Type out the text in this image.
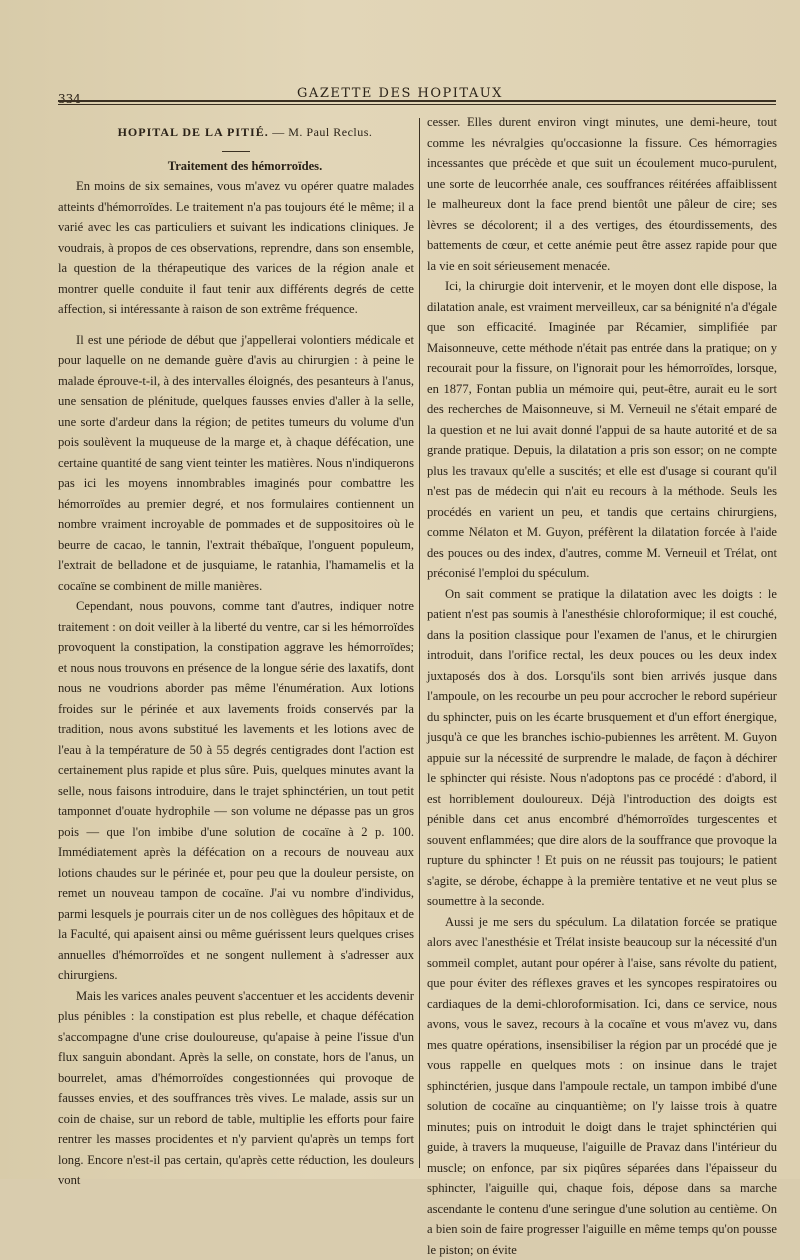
334	GAZETTE DES HOPITAUX

HOPITAL DE LA PITIÉ. — M. Paul Reclus.

Traitement des hémorroïdes.

En moins de six semaines, vous m'avez vu opérer quatre malades atteints d'hémorroïdes. Le traitement n'a pas toujours été le même; il a varié avec les cas particuliers et suivant les indications cliniques. Je voudrais, à propos de ces observations, reprendre, dans son ensemble, la question de la thérapeutique des varices de la région anale et montrer quelle conduite il faut tenir aux différents degrés de cette affection, si intéressante à raison de son extrême fréquence.

Il est une période de début que j'appellerai volontiers médicale et pour laquelle on ne demande guère d'avis au chirurgien : à peine le malade éprouve-t-il, à des intervalles éloignés, des pesanteurs à l'anus, une sensation de plénitude, quelques fausses envies d'aller à la selle, une sorte d'ardeur dans la région; de petites tumeurs du volume d'un pois soulèvent la muqueuse de la marge et, à chaque défécation, une certaine quantité de sang vient teinter les matières. Nous n'indiquerons pas ici les moyens innombrables imaginés pour combattre les hémorroïdes au premier degré, et nos formulaires contiennent un nombre vraiment incroyable de pommades et de suppositoires où le beurre de cacao, le tannin, l'extrait thébaïque, l'onguent populeum, l'extrait de belladone et de jusquiame, le ratanhia, l'hamamelis et la cocaïne se combinent de mille manières.

Cependant, nous pouvons, comme tant d'autres, indiquer notre traitement : on doit veiller à la liberté du ventre, car si les hémorroïdes provoquent la constipation, la constipation aggrave les hémorroïdes; et nous nous trouvons en présence de la longue série des laxatifs, dont nous ne voudrions aborder pas même l'énumération. Aux lotions froides sur le périnée et aux lavements froids conservés par la tradition, nous avons substitué les lavements et les lotions avec de l'eau à la température de 50 à 55 degrés centigrades dont l'action est certainement plus rapide et plus sûre. Puis, quelques minutes avant la selle, nous faisons introduire, dans le trajet sphinctérien, un tout petit tamponnet d'ouate hydrophile — son volume ne dépasse pas un gros pois — que l'on imbibe d'une solution de cocaïne à 2 p. 100. Immédiatement après la défécation on a recours de nouveau aux lotions chaudes sur le périnée et, pour peu que la douleur persiste, on remet un nouveau tampon de cocaïne. J'ai vu nombre d'individus, parmi lesquels je pourrais citer un de nos collègues des hôpitaux et de la Faculté, qui apaisent ainsi ou même guérissent leurs quelques crises annuelles d'hémorroïdes et ne songent nullement à s'adresser aux chirurgiens.

Mais les varices anales peuvent s'accentuer et les accidents devenir plus pénibles : la constipation est plus rebelle, et chaque défécation s'accompagne d'une crise douloureuse, qu'apaise à peine l'issue d'un flux sanguin abondant. Après la selle, on constate, hors de l'anus, un bourrelet, amas d'hémorroïdes congestionnées qui provoque de fausses envies, et des souffrances très vives. Le malade, assis sur un coin de chaise, sur un rebord de table, multiplie les efforts pour faire rentrer les masses procidentes et n'y parvient qu'après un temps fort long. Encore n'est-il pas certain, qu'après cette réduction, les douleurs vont

cesser. Elles durent environ vingt minutes, une demi-heure, tout comme les névralgies qu'occasionne la fissure. Ces hémorragies incessantes que précède et que suit un écoulement muco-purulent, une sorte de leucorrhée anale, ces souffrances réitérées affaiblissent le malheureux dont la face prend bientôt une pâleur de cire; ses lèvres se décolorent; il a des vertiges, des étourdissements, des battements de cœur, et cette anémie peut être assez rapide pour que la vie en soit sérieusement menacée.

Ici, la chirurgie doit intervenir, et le moyen dont elle dispose, la dilatation anale, est vraiment merveilleux, car sa bénignité n'a d'égale que son efficacité. Imaginée par Récamier, simplifiée par Maisonneuve, cette méthode n'était pas entrée dans la pratique; on y recourait pour la fissure, on l'ignorait pour les hémorroïdes, lorsque, en 1877, Fontan publia un mémoire qui, peut-être, aurait eu le sort des recherches de Maisonneuve, si M. Verneuil ne s'était emparé de la question et ne lui avait donné l'appui de sa haute autorité et de sa grande pratique. Depuis, la dilatation a pris son essor; on ne compte plus les travaux qu'elle a suscités; et elle est d'usage si courant qu'il n'est pas de médecin qui n'ait eu recours à la méthode. Seuls les procédés en varient un peu, et tandis que certains chirurgiens, comme Nélaton et M. Guyon, préfèrent la dilatation forcée à l'aide des pouces ou des index, d'autres, comme M. Verneuil et Trélat, ont préconisé l'emploi du spéculum.

On sait comment se pratique la dilatation avec les doigts : le patient n'est pas soumis à l'anesthésie chloroformique; il est couché, dans la position classique pour l'examen de l'anus, et le chirurgien introduit, dans l'orifice rectal, les deux pouces ou les deux index juxtaposés dos à dos. Lorsqu'ils sont bien arrivés jusque dans l'ampoule, on les recourbe un peu pour accrocher le rebord supérieur du sphincter, puis on les écarte brusquement et d'un effort énergique, jusqu'à ce que les branches ischio-pubiennes les arrêtent. M. Guyon appuie sur la nécessité de surprendre le malade, de façon à déchirer le sphincter qui résiste. Nous n'adoptons pas ce procédé : d'abord, il est horriblement douloureux. Déjà l'introduction des doigts est pénible dans cet anus encombré d'hémorroïdes turgescentes et souvent enflammées; que dire alors de la souffrance que provoque la rupture du sphincter ! Et puis on ne réussit pas toujours; le patient s'agite, se dérobe, échappe à la première tentative et ne veut plus se soumettre à la seconde.

Aussi je me sers du spéculum. La dilatation forcée se pratique alors avec l'anesthésie et Trélat insiste beaucoup sur la nécessité d'un sommeil complet, autant pour opérer à l'aise, sans révolte du patient, que pour éviter des réflexes graves et les syncopes respiratoires ou cardiaques de la demi-chloroformisation. Ici, dans ce service, nous avons, vous le savez, recours à la cocaïne et vous m'avez vu, dans mes quatre opérations, insensibiliser la région par un procédé que je vous rappelle en quelques mots : on insinue dans le trajet sphinctérien, jusque dans l'ampoule rectale, un tampon imbibé d'une solution de cocaïne au cinquantième; on l'y laisse trois à quatre minutes; puis on introduit le doigt dans le trajet sphinctérien qui guide, à travers la muqueuse, l'aiguille de Pravaz dans l'intérieur du muscle; on enfonce, par six piqûres séparées dans l'épaisseur du sphincter, l'aiguille qui, chaque fois, dépose dans sa marche ascendante le contenu d'une seringue d'une solution au centième. On a bien soin de faire progresser l'aiguille en même temps qu'on pousse le piston; on évite
